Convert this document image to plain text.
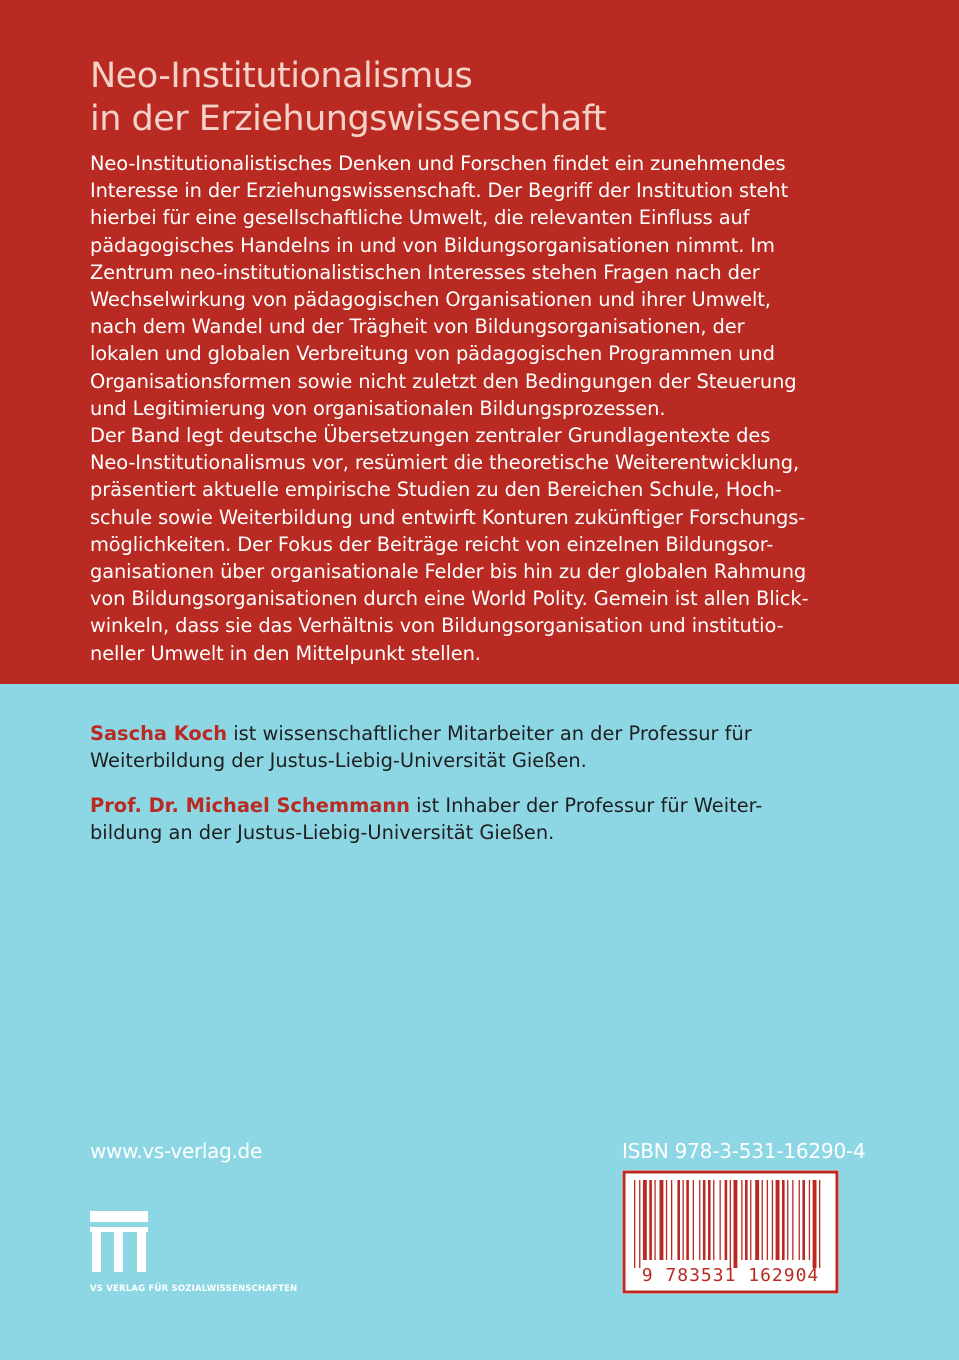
Neo-Institutionalismus
in der Erziehungswissenschaft
Neo-Institutionalistisches Denken und Forschen findet ein zunehmendes
Interesse in der Erziehungswissenschaft. Der Begriff der Institution steht
hierbei für eine gesellschaftliche Umwelt, die relevanten Einfluss auf
pädagogisches Handelns in und von Bildungsorganisationen nimmt. Im
Zentrum neo-institutionalistischen Interesses stehen Fragen nach der
Wechselwirkung von pädagogischen Organisationen und ihrer Umwelt,
nach dem Wandel und der Trägheit von Bildungsorganisationen, der
lokalen und globalen Verbreitung von pädagogischen Programmen und
Organisationsformen sowie nicht zuletzt den Bedingungen der Steuerung
und Legitimierung von organisationalen Bildungsprozessen.
Der Band legt deutsche Übersetzungen zentraler Grundlagentexte des
Neo-Institutionalismus vor, resümiert die theoretische Weiterentwicklung,
präsentiert aktuelle empirische Studien zu den Bereichen Schule, Hoch-
schule sowie Weiterbildung und entwirft Konturen zukünftiger Forschungs-
möglichkeiten. Der Fokus der Beiträge reicht von einzelnen Bildungsor-
ganisationen über organisationale Felder bis hin zu der globalen Rahmung
von Bildungsorganisationen durch eine World Polity. Gemein ist allen Blick-
winkeln, dass sie das Verhältnis von Bildungsorganisation und institutio-
neller Umwelt in den Mittelpunkt stellen.
Sascha Koch ist wissenschaftlicher Mitarbeiter an der Professur für
Weiterbildung der Justus-Liebig-Universität Gießen.
Prof. Dr. Michael Schemmann ist Inhaber der Professur für Weiter-
bildung an der Justus-Liebig-Universität Gießen.
www.vs-verlag.de
VS VERLAG FÜR SOZIALWISSENSCHAFTEN
ISBN 978-3-531-16290-4
9 783531 162904
